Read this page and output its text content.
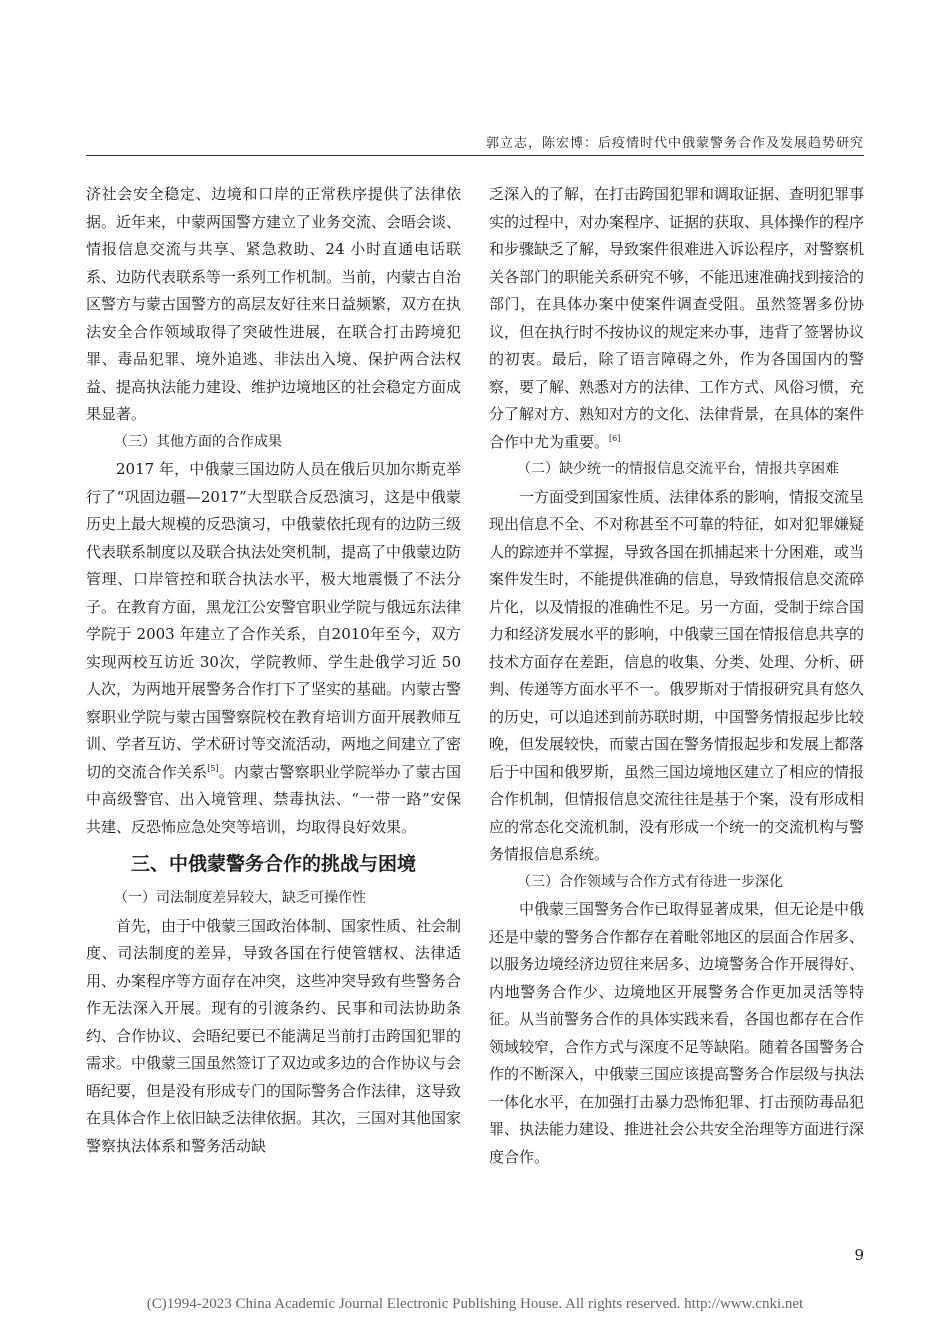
郭立志，陈宏博：后疫情时代中俄蒙警务合作及发展趋势研究

济社会安全稳定、边境和口岸的正常秩序提供了法律依据。近年来，中蒙两国警方建立了业务交流、会晤会谈、情报信息交流与共享、紧急救助、24 小时直通电话联系、边防代表联系等一系列工作机制。当前，内蒙古自治区警方与蒙古国警方的高层友好往来日益频繁，双方在执法安全合作领域取得了突破性进展，在联合打击跨境犯罪、毒品犯罪、境外追逃、非法出入境、保护两合法权益、提高执法能力建设、维护边境地区的社会稳定方面成果显著。

（三）其他方面的合作成果

2017 年，中俄蒙三国边防人员在俄后贝加尔斯克举行了“巩固边疆—2017”大型联合反恐演习，这是中俄蒙历史上最大规模的反恐演习，中俄蒙依托现有的边防三级代表联系制度以及联合执法处突机制，提高了中俄蒙边防管理、口岸管控和联合执法水平，极大地震慑了不法分子。在教育方面，黑龙江公安警官职业学院与俄远东法律学院于 2003 年建立了合作关系，自2010年至今，双方实现两校互访近 30次，学院教师、学生赴俄学习近 50 人次，为两地开展警务合作打下了坚实的基础。内蒙古警察职业学院与蒙古国警察院校在教育培训方面开展教师互训、学者互访、学术研讨等交流活动，两地之间建立了密切的交流合作关系[5]。内蒙古警察职业学院举办了蒙古国中高级警官、出入境管理、禁毒执法、“一带一路”安保共建、反恐怖应急处突等培训，均取得良好效果。

三、中俄蒙警务合作的挑战与困境

（一）司法制度差异较大，缺乏可操作性

首先，由于中俄蒙三国政治体制、国家性质、社会制度、司法制度的差异，导致各国在行使管辖权、法律适用、办案程序等方面存在冲突，这些冲突导致有些警务合作无法深入开展。现有的引渡条约、民事和司法协助条约、合作协议、会晤纪要已不能满足当前打击跨国犯罪的需求。中俄蒙三国虽然签订了双边或多边的合作协议与会晤纪要，但是没有形成专门的国际警务合作法律，这导致在具体合作上依旧缺乏法律依据。其次，三国对其他国家警察执法体系和警务活动缺

乏深入的了解，在打击跨国犯罪和调取证据、查明犯罪事实的过程中，对办案程序、证据的获取、具体操作的程序和步骤缺乏了解，导致案件很难进入诉讼程序，对警察机关各部门的职能关系研究不够，不能迅速准确找到接洽的部门，在具体办案中使案件调查受阻。虽然签署多份协议，但在执行时不按协议的规定来办事，违背了签署协议的初衷。最后，除了语言障碍之外，作为各国国内的警察，要了解、熟悉对方的法律、工作方式、风俗习惯，充分了解对方、熟知对方的文化、法律背景，在具体的案件合作中尤为重要。[6]

（二）缺少统一的情报信息交流平台，情报共享困难

一方面受到国家性质、法律体系的影响，情报交流呈现出信息不全、不对称甚至不可靠的特征，如对犯罪嫌疑人的踪迹并不掌握，导致各国在抓捕起来十分困难，或当案件发生时，不能提供准确的信息，导致情报信息交流碎片化，以及情报的准确性不足。另一方面，受制于综合国力和经济发展水平的影响，中俄蒙三国在情报信息共享的技术方面存在差距，信息的收集、分类、处理、分析、研判、传递等方面水平不一。俄罗斯对于情报研究具有悠久的历史，可以追述到前苏联时期，中国警务情报起步比较晚，但发展较快，而蒙古国在警务情报起步和发展上都落后于中国和俄罗斯，虽然三国边境地区建立了相应的情报合作机制，但情报信息交流往往是基于个案，没有形成相应的常态化交流机制，没有形成一个统一的交流机构与警务情报信息系统。

（三）合作领域与合作方式有待进一步深化

中俄蒙三国警务合作已取得显著成果，但无论是中俄还是中蒙的警务合作都存在着毗邻地区的层面合作居多、以服务边境经济边贸往来居多、边境警务合作开展得好、内地警务合作少、边境地区开展警务合作更加灵活等特征。从当前警务合作的具体实践来看，各国也都存在合作领域较窄，合作方式与深度不足等缺陷。随着各国警务合作的不断深入，中俄蒙三国应该提高警务合作层级与执法一体化水平，在加强打击暴力恐怖犯罪、打击预防毒品犯罪、执法能力建设、推进社会公共安全治理等方面进行深度合作。

9
(C)1994-2023 China Academic Journal Electronic Publishing House. All rights reserved. http://www.cnki.net
